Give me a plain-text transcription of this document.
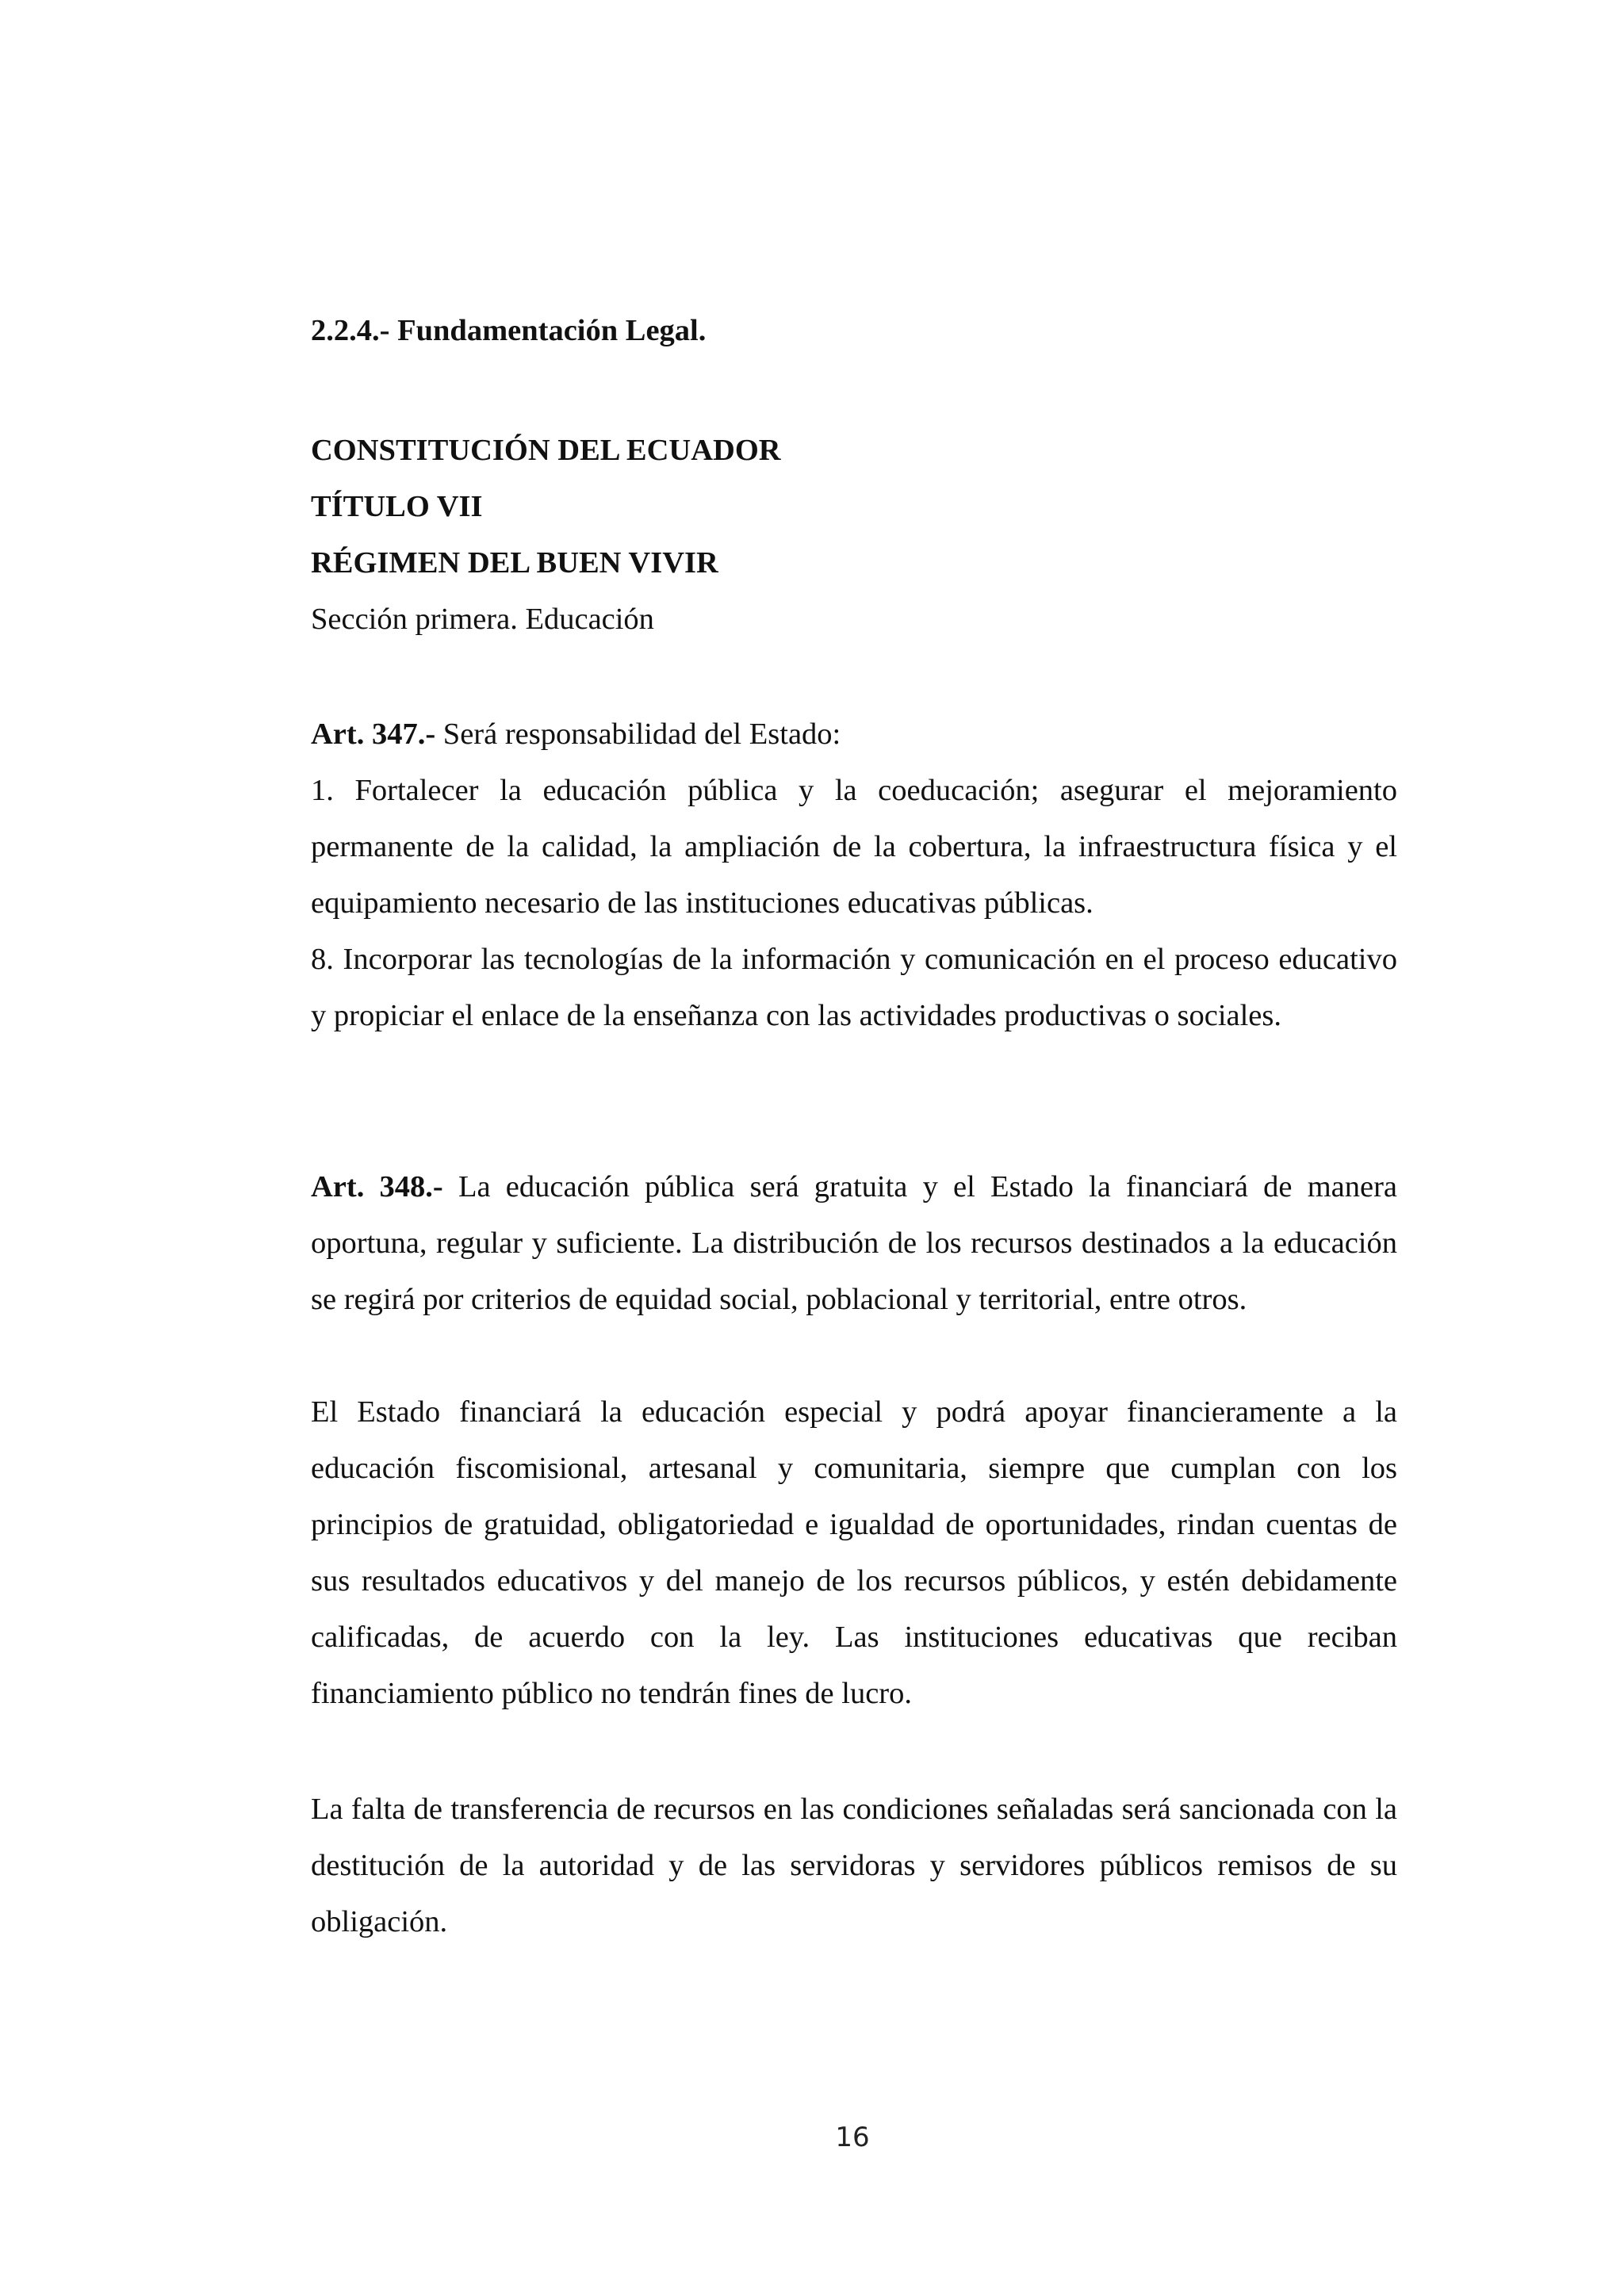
2.2.4.- Fundamentación Legal.

CONSTITUCIÓN DEL ECUADOR

TÍTULO VII

RÉGIMEN DEL BUEN VIVIR

Sección primera. Educación

Art. 347.- Será responsabilidad del Estado:

1. Fortalecer la educación pública y la coeducación; asegurar el mejoramiento permanente de la calidad, la ampliación de la cobertura, la infraestructura física y el equipamiento necesario de las instituciones educativas públicas.

8. Incorporar las tecnologías de la información y comunicación en el proceso educativo y propiciar el enlace de la enseñanza con las actividades productivas o sociales.

Art. 348.- La educación pública será gratuita y el Estado la financiará de manera oportuna, regular y suficiente. La distribución de los recursos destinados a la educación se regirá por criterios de equidad social, poblacional y territorial, entre otros.

El Estado financiará la educación especial y podrá apoyar financieramente a la educación fiscomisional, artesanal y comunitaria, siempre que cumplan con los principios de gratuidad, obligatoriedad e igualdad de oportunidades, rindan cuentas de sus resultados educativos y del manejo de los recursos públicos, y estén debidamente calificadas, de acuerdo con la ley. Las instituciones educativas que reciban financiamiento público no tendrán fines de lucro.

La falta de transferencia de recursos en las condiciones señaladas será sancionada con la destitución de la autoridad y de las servidoras y servidores públicos remisos de su obligación.

16
